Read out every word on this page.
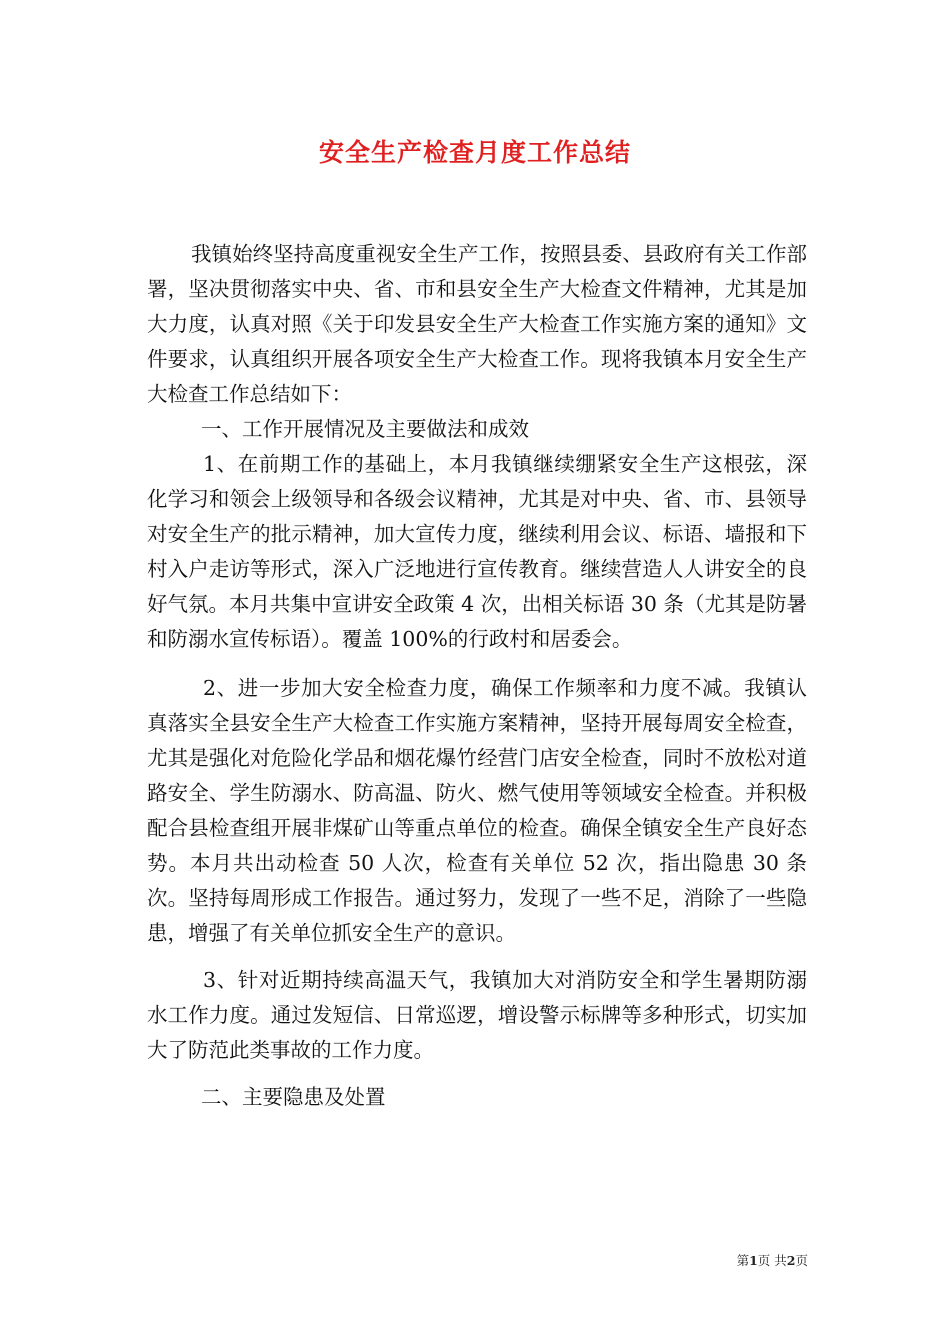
安全生产检查月度工作总结

我镇始终坚持高度重视安全生产工作，按照县委、县政府有关工作部署，坚决贯彻落实中央、省、市和县安全生产大检查文件精神，尤其是加大力度，认真对照《关于印发县安全生产大检查工作实施方案的通知》文件要求，认真组织开展各项安全生产大检查工作。现将我镇本月安全生产大检查工作总结如下：

一、工作开展情况及主要做法和成效

1、在前期工作的基础上，本月我镇继续绷紧安全生产这根弦，深化学习和领会上级领导和各级会议精神，尤其是对中央、省、市、县领导对安全生产的批示精神，加大宣传力度，继续利用会议、标语、墙报和下村入户走访等形式，深入广泛地进行宣传教育。继续营造人人讲安全的良好气氛。本月共集中宣讲安全政策 4 次，出相关标语 30 条（尤其是防暑和防溺水宣传标语）。覆盖 100%的行政村和居委会。

2、进一步加大安全检查力度，确保工作频率和力度不减。我镇认真落实全县安全生产大检查工作实施方案精神，坚持开展每周安全检查，尤其是强化对危险化学品和烟花爆竹经营门店安全检查，同时不放松对道路安全、学生防溺水、防高温、防火、燃气使用等领域安全检查。并积极配合县检查组开展非煤矿山等重点单位的检查。确保全镇安全生产良好态势。本月共出动检查 50 人次，检查有关单位 52 次，指出隐患 30 条次。坚持每周形成工作报告。通过努力，发现了一些不足，消除了一些隐患，增强了有关单位抓安全生产的意识。

3、针对近期持续高温天气，我镇加大对消防安全和学生暑期防溺水工作力度。通过发短信、日常巡逻，增设警示标牌等多种形式，切实加大了防范此类事故的工作力度。

二、主要隐患及处置

第1页 共2页
